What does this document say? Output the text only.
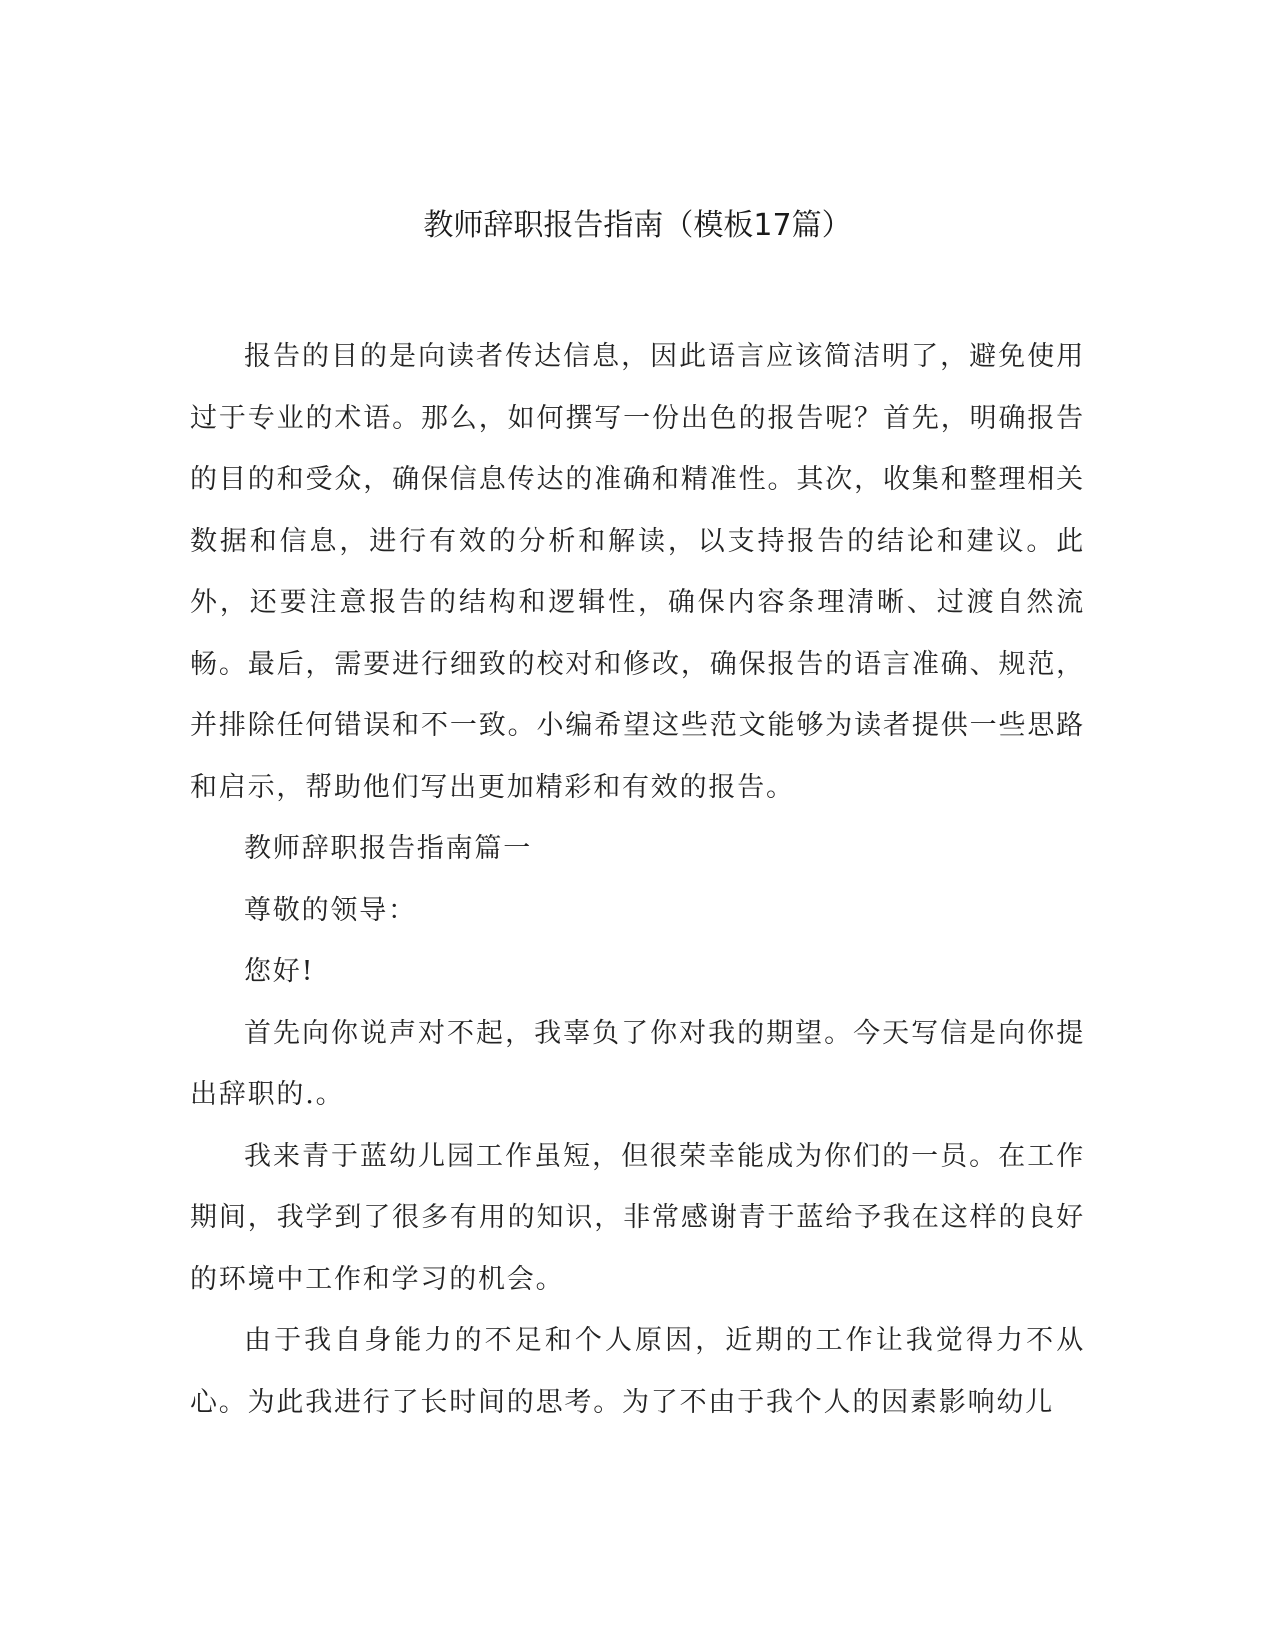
教师辞职报告指南（模板17篇）

报告的目的是向读者传达信息，因此语言应该简洁明了，避免使用过于专业的术语。那么，如何撰写一份出色的报告呢？首先，明确报告的目的和受众，确保信息传达的准确和精准性。其次，收集和整理相关数据和信息，进行有效的分析和解读，以支持报告的结论和建议。此外，还要注意报告的结构和逻辑性，确保内容条理清晰、过渡自然流畅。最后，需要进行细致的校对和修改，确保报告的语言准确、规范，并排除任何错误和不一致。小编希望这些范文能够为读者提供一些思路和启示，帮助他们写出更加精彩和有效的报告。

教师辞职报告指南篇一

尊敬的领导：

您好!

首先向你说声对不起，我辜负了你对我的期望。今天写信是向你提出辞职的.。

我来青于蓝幼儿园工作虽短，但很荣幸能成为你们的一员。在工作期间，我学到了很多有用的知识，非常感谢青于蓝给予我在这样的良好的环境中工作和学习的机会。

由于我自身能力的不足和个人原因，近期的工作让我觉得力不从心。为此我进行了长时间的思考。为了不由于我个人的因素影响幼儿
